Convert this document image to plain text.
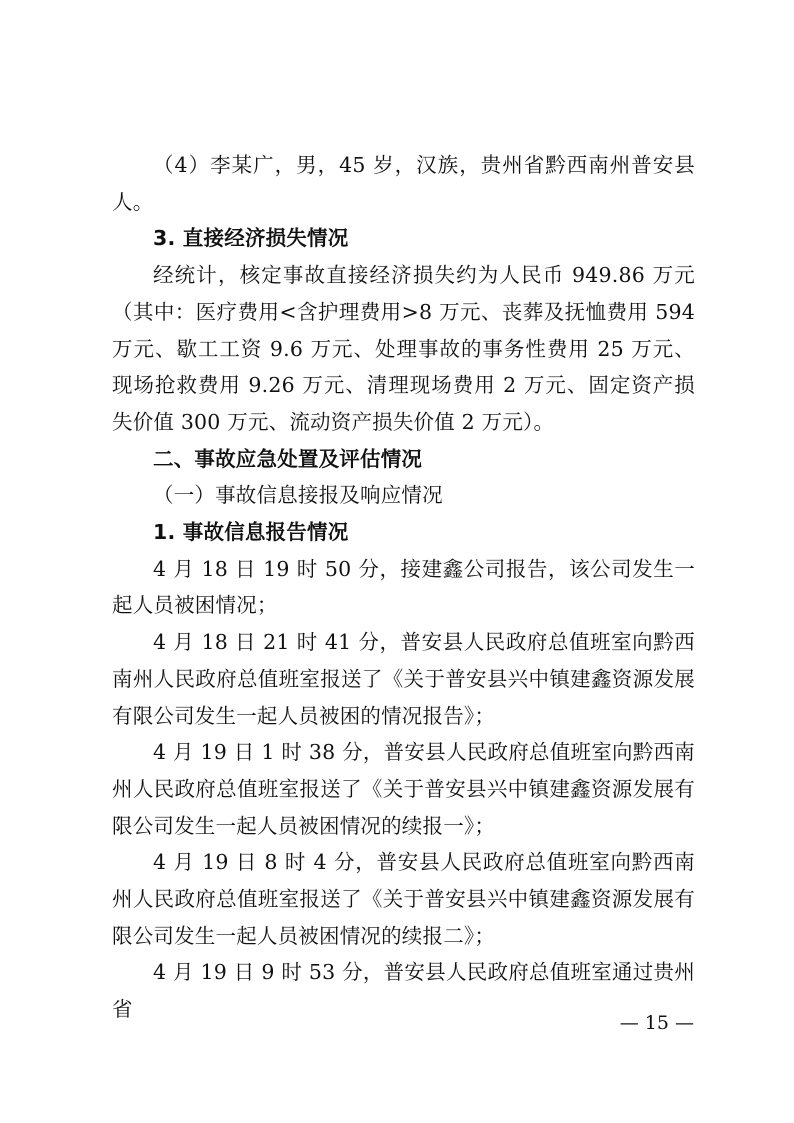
（4）李某广，男，45 岁，汉族，贵州省黔西南州普安县人。

3. 直接经济损失情况

经统计，核定事故直接经济损失约为人民币 949.86 万元（其中：医疗费用<含护理费用>8 万元、丧葬及抚恤费用 594 万元、歇工工资 9.6 万元、处理事故的事务性费用 25 万元、现场抢救费用 9.26 万元、清理现场费用 2 万元、固定资产损失价值 300 万元、流动资产损失价值 2 万元）。

二、事故应急处置及评估情况

（一）事故信息接报及响应情况

1. 事故信息报告情况

4 月 18 日 19 时 50 分，接建鑫公司报告，该公司发生一起人员被困情况；

4 月 18 日 21 时 41 分，普安县人民政府总值班室向黔西南州人民政府总值班室报送了《关于普安县兴中镇建鑫资源发展有限公司发生一起人员被困的情况报告》；

4 月 19 日 1 时 38 分，普安县人民政府总值班室向黔西南州人民政府总值班室报送了《关于普安县兴中镇建鑫资源发展有限公司发生一起人员被困情况的续报一》；

4 月 19 日 8 时 4 分，普安县人民政府总值班室向黔西南州人民政府总值班室报送了《关于普安县兴中镇建鑫资源发展有限公司发生一起人员被困情况的续报二》；

4 月 19 日 9 时 53 分，普安县人民政府总值班室通过贵州省

— 15 —
